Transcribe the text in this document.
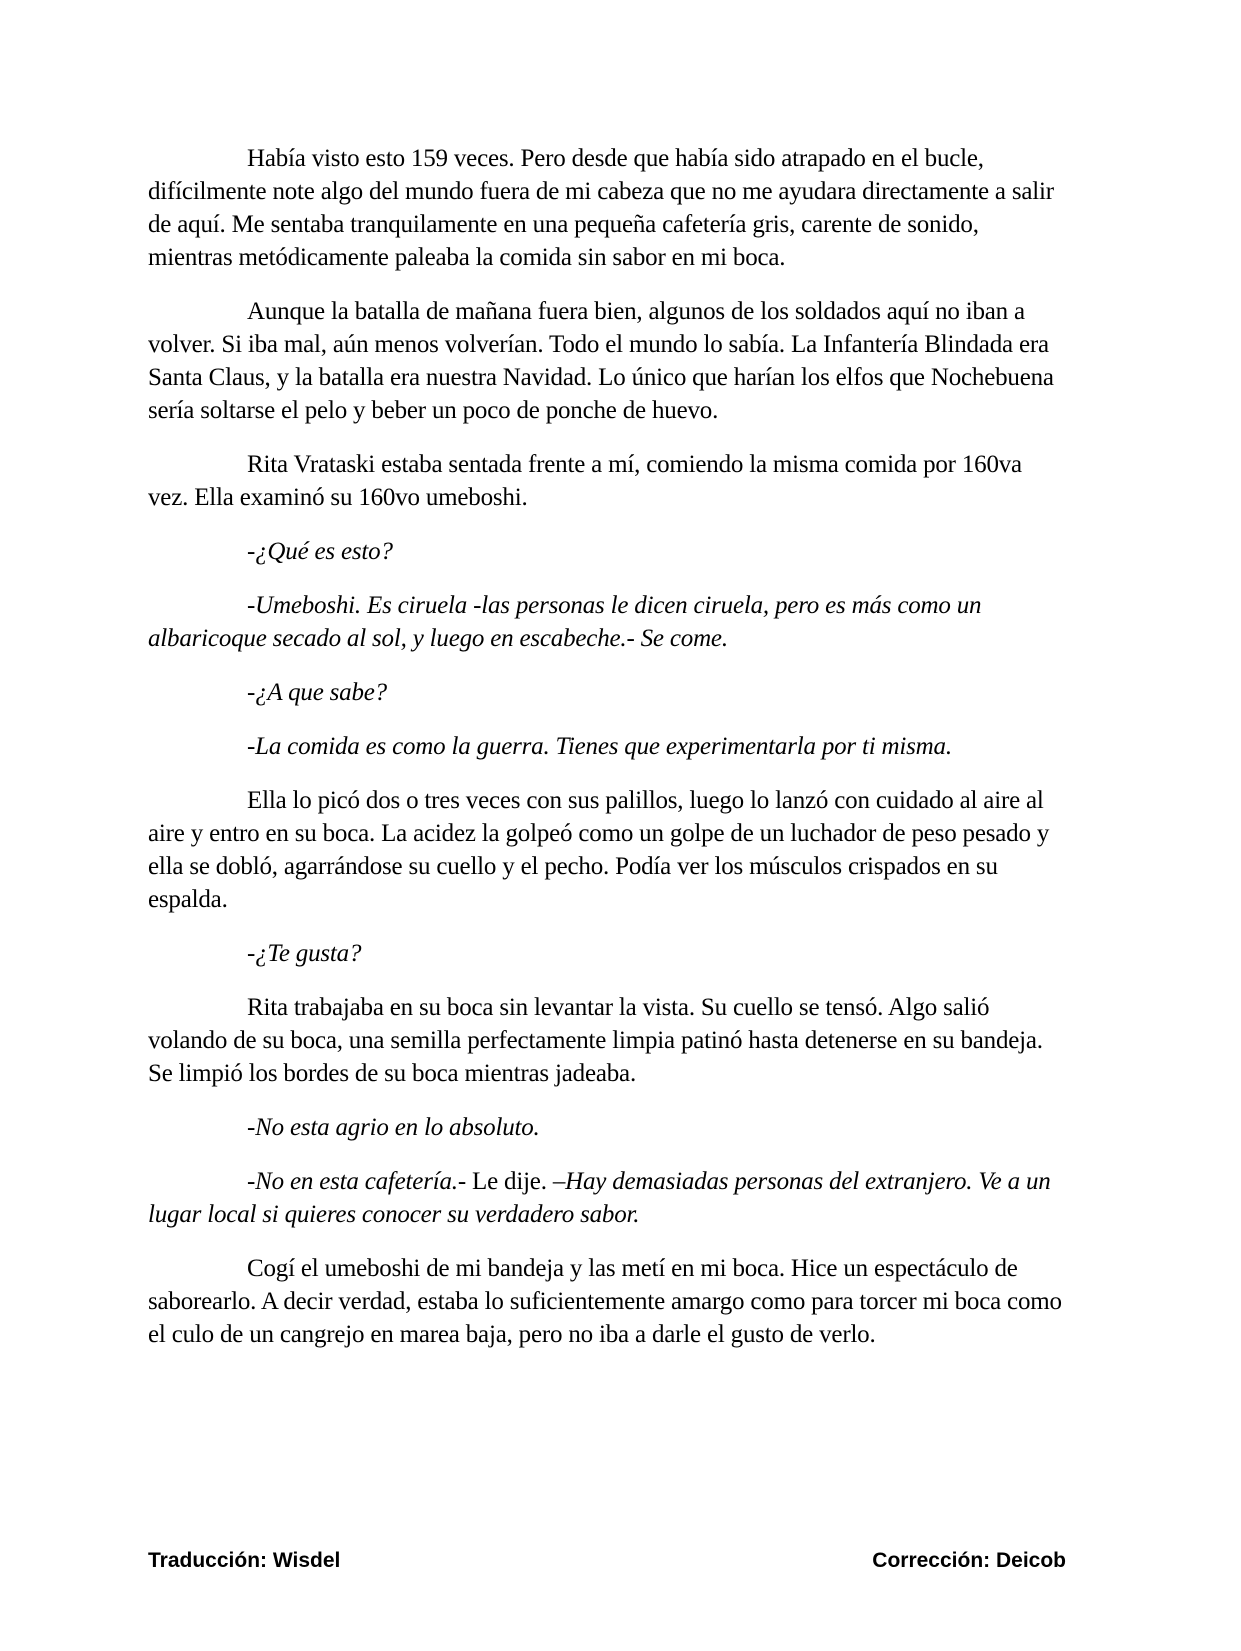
Había visto esto 159 veces. Pero desde que había sido atrapado en el bucle, difícilmente note algo del mundo fuera de mi cabeza que no me ayudara directamente a salir de aquí. Me sentaba tranquilamente en una pequeña cafetería gris, carente de sonido, mientras metódicamente paleaba la comida sin sabor en mi boca.

Aunque la batalla de mañana fuera bien, algunos de los soldados aquí no iban a volver. Si iba mal, aún menos volverían. Todo el mundo lo sabía. La Infantería Blindada era Santa Claus, y la batalla era nuestra Navidad. Lo único que harían los elfos que Nochebuena sería soltarse el pelo y beber un poco de ponche de huevo.

Rita Vrataski estaba sentada frente a mí, comiendo la misma comida por 160va vez. Ella examinó su 160vo umeboshi.

-¿Qué es esto?

-Umeboshi. Es ciruela -las personas le dicen ciruela, pero es más como un albaricoque secado al sol, y luego en escabeche.- Se come.

-¿A que sabe?

-La comida es como la guerra. Tienes que experimentarla por ti misma.

Ella lo picó dos o tres veces con sus palillos, luego lo lanzó con cuidado al aire al aire y entro en su boca. La acidez la golpeó como un golpe de un luchador de peso pesado y ella se dobló, agarrándose su cuello y el pecho. Podía ver los músculos crispados en su espalda.

-¿Te gusta?

Rita trabajaba en su boca sin levantar la vista. Su cuello se tensó. Algo salió volando de su boca, una semilla perfectamente limpia patinó hasta detenerse en su bandeja. Se limpió los bordes de su boca mientras jadeaba.

-No esta agrio en lo absoluto.

-No en esta cafetería.- Le dije. –Hay demasiadas personas del extranjero. Ve a un lugar local si quieres conocer su verdadero sabor.

Cogí el umeboshi de mi bandeja y las metí en mi boca. Hice un espectáculo de saborearlo. A decir verdad, estaba lo suficientemente amargo como para torcer mi boca como el culo de un cangrejo en marea baja, pero no iba a darle el gusto de verlo.

Traducción: Wisdel	Corrección: Deicob
